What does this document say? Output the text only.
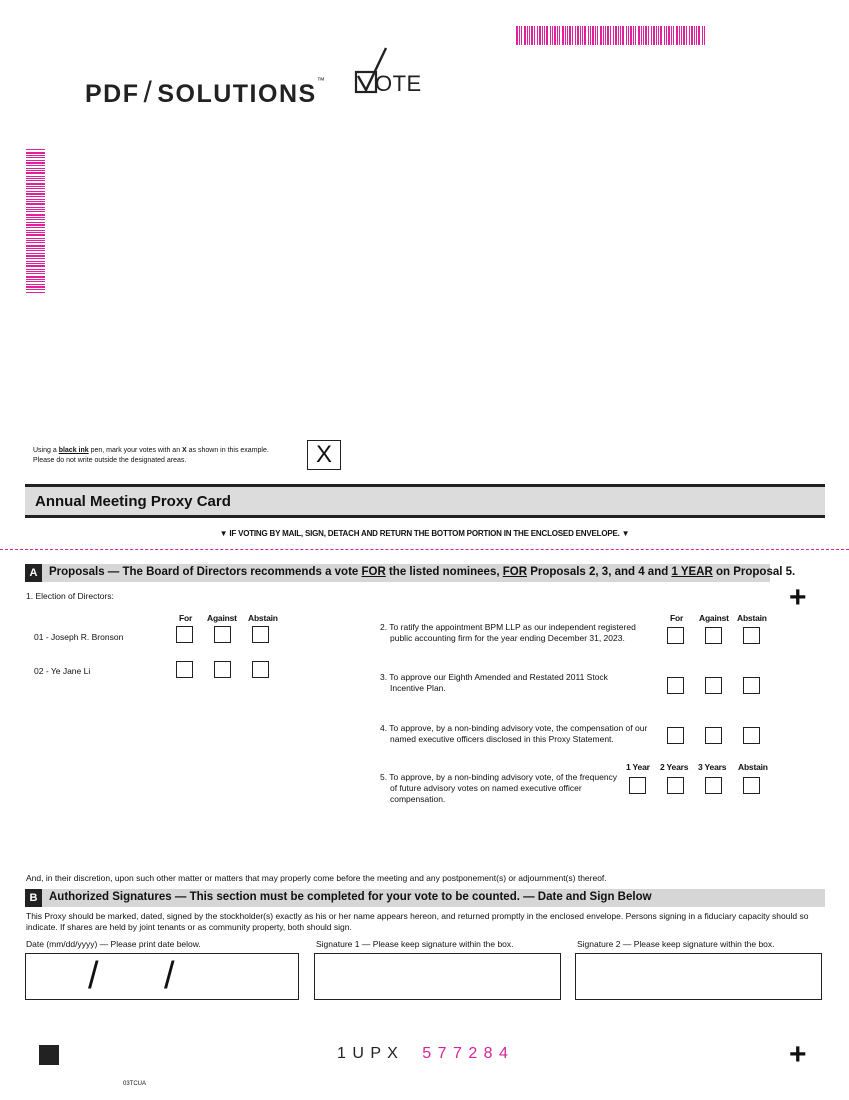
PDF / SOLUTIONS™ OTE
Using a black ink pen, mark your votes with an X as shown in this example.
Please do not write outside the designated areas.	X
Annual Meeting Proxy Card
▼ IF VOTING BY MAIL, SIGN, DETACH AND RETURN THE BOTTOM PORTION IN THE ENCLOSED ENVELOPE. ▼
A	Proposals — The Board of Directors recommends a vote FOR the listed nominees, FOR Proposals 2, 3, and 4 and 1 YEAR on Proposal 5.
+
1. Election of Directors:
For Against Abstain
01 - Joseph R. Bronson
02 - Ye Jane Li
For Against Abstain
2. To ratify the appointment BPM LLP as our independent registered public accounting firm for the year ending December 31, 2023.
3. To approve our Eighth Amended and Restated 2011 Stock Incentive Plan.
4. To approve, by a non-binding advisory vote, the compensation of our named executive officers disclosed in this Proxy Statement.
1 Year 2 Years 3 Years Abstain
5. To approve, by a non-binding advisory vote, of the frequency of future advisory votes on named executive officer compensation.
And, in their discretion, upon such other matter or matters that may properly come before the meeting and any postponement(s) or adjournment(s) thereof.
B	Authorized Signatures — This section must be completed for your vote to be counted. — Date and Sign Below
This Proxy should be marked, dated, signed by the stockholder(s) exactly as his or her name appears hereon, and returned promptly in the enclosed envelope. Persons signing in a fiduciary capacity should so indicate. If shares are held by joint tenants or as community property, both should sign.
Date (mm/dd/yyyy) — Please print date below.	Signature 1 — Please keep signature within the box.	Signature 2 — Please keep signature within the box.
/ /
1 U P X 5 7 7 2 8 4	+
03TCUA
